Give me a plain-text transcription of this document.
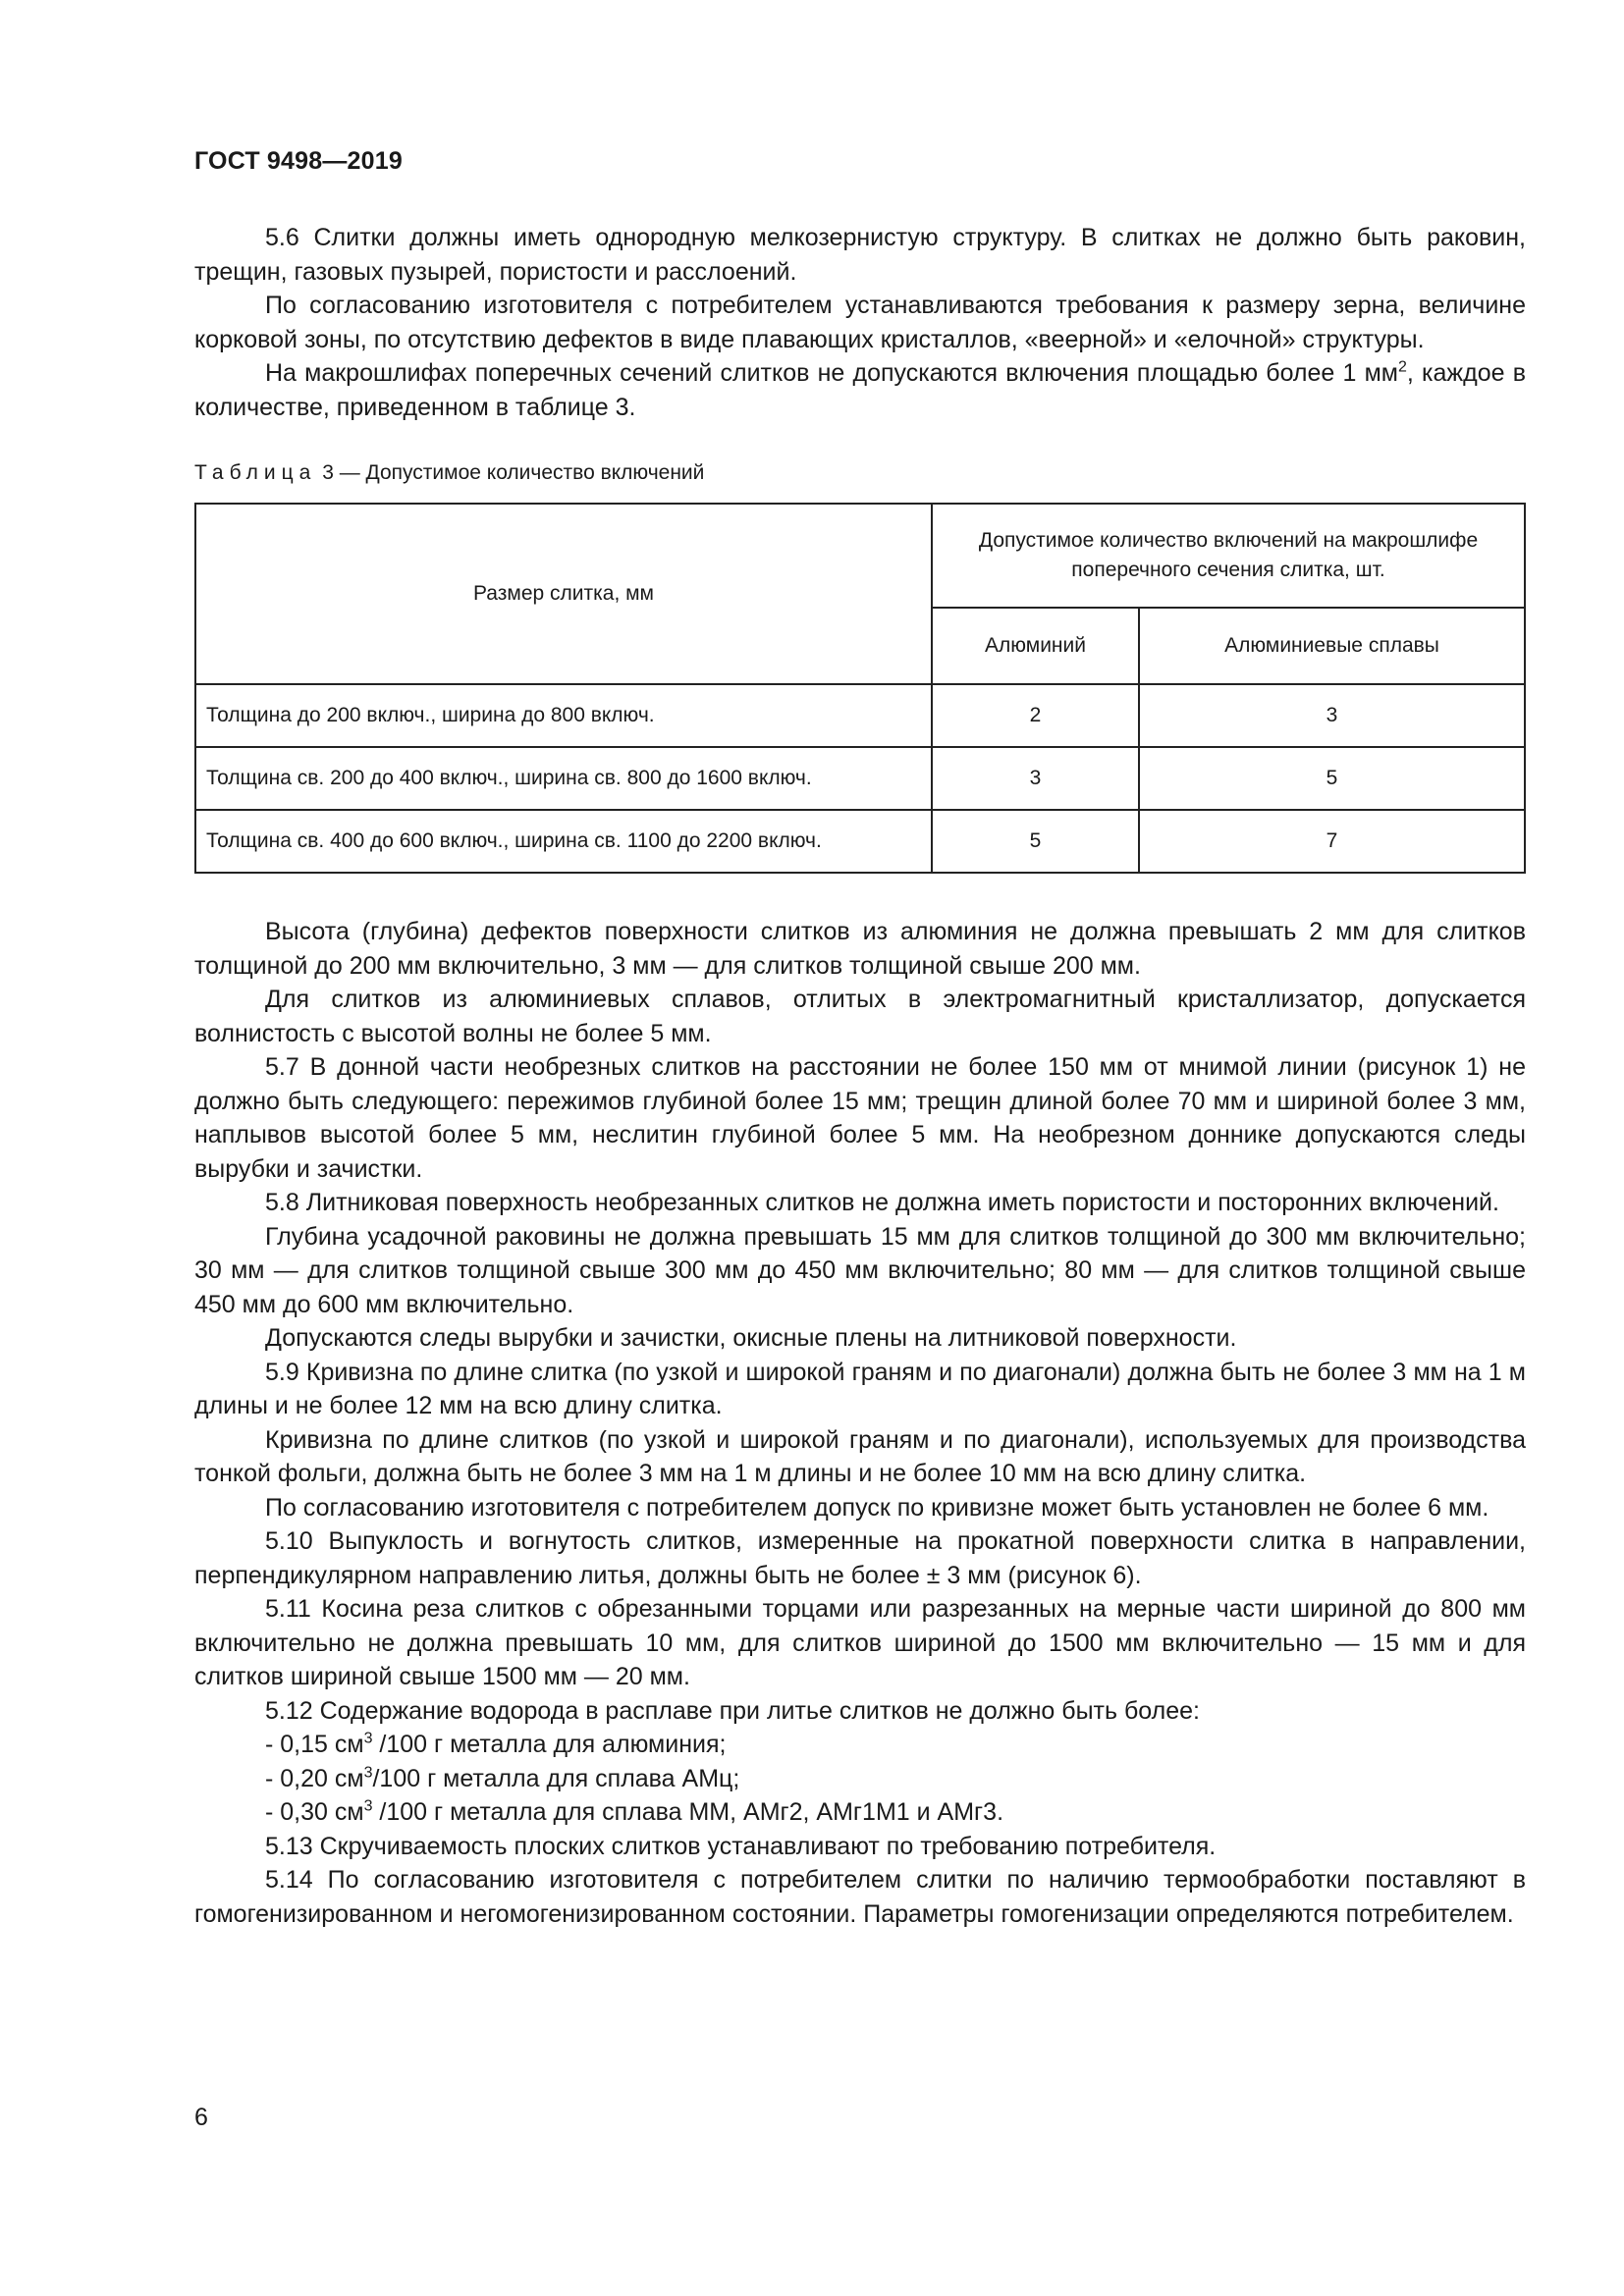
ГОСТ 9498—2019

5.6 Слитки должны иметь однородную мелкозернистую структуру. В слитках не должно быть раковин, трещин, газовых пузырей, пористости и расслоений.

По согласованию изготовителя с потребителем устанавливаются требования к размеру зерна, величине корковой зоны, по отсутствию дефектов в виде плавающих кристаллов, «веерной» и «елочной» структуры.

На макрошлифах поперечных сечений слитков не допускаются включения площадью более 1 $мм^2$, каждое в количестве, приведенном в таблице 3.

Таблица 3 — Допустимое количество включений
Размер слитка, мм	Допустимое количество включений на макрошлифе поперечного сечения слитка, шт.	
	Алюминий	Алюминиевые сплавы
Толщина до 200 включ., ширина до 800 включ.	2	3
Толщина св. 200 до 400 включ., ширина св. 800 до 1600 включ.	3	5
Толщина св. 400 до 600 включ., ширина св. 1100 до 2200 включ.	5	7

Высота (глубина) дефектов поверхности слитков из алюминия не должна превышать 2 мм для слитков толщиной до 200 мм включительно, 3 мм — для слитков толщиной свыше 200 мм.

Для слитков из алюминиевых сплавов, отлитых в электромагнитный кристаллизатор, допускается волнистость с высотой волны не более 5 мм.

5.7 В донной части необрезных слитков на расстоянии не более 150 мм от мнимой линии (рисунок 1) не должно быть следующего: пережимов глубиной более 15 мм; трещин длиной более 70 мм и шириной более 3 мм, наплывов высотой более 5 мм, неслитин глубиной более 5 мм. На необрезном доннике допускаются следы вырубки и зачистки.

5.8 Литниковая поверхность необрезанных слитков не должна иметь пористости и посторонних включений.

Глубина усадочной раковины не должна превышать 15 мм для слитков толщиной до 300 мм включительно; 30 мм — для слитков толщиной свыше 300 мм до 450 мм включительно; 80 мм — для слитков толщиной свыше 450 мм до 600 мм включительно.

Допускаются следы вырубки и зачистки, окисные плены на литниковой поверхности.

5.9 Кривизна по длине слитка (по узкой и широкой граням и по диагонали) должна быть не более 3 мм на 1 м длины и не более 12 мм на всю длину слитка.

Кривизна по длине слитков (по узкой и широкой граням и по диагонали), используемых для производства тонкой фольги, должна быть не более 3 мм на 1 м длины и не более 10 мм на всю длину слитка.

По согласованию изготовителя с потребителем допуск по кривизне может быть установлен не более 6 мм.

5.10 Выпуклость и вогнутость слитков, измеренные на прокатной поверхности слитка в направлении, перпендикулярном направлению литья, должны быть не более ± 3 мм (рисунок 6).

5.11 Косина реза слитков с обрезанными торцами или разрезанных на мерные части шириной до 800 мм включительно не должна превышать 10 мм, для слитков шириной до 1500 мм включительно — 15 мм и для слитков шириной свыше 1500 мм — 20 мм.

5.12 Содержание водорода в расплаве при литье слитков не должно быть более:

- 0,15 $см^3$ /100 г металла для алюминия;

- 0,20 $см^3/100$ г металла для сплава АМц;

- 0,30 $см^3$ /100 г металла для сплава ММ, АМг2, АМг1М1 и АМг3.

5.13 Скручиваемость плоских слитков устанавливают по требованию потребителя.

5.14 По согласованию изготовителя с потребителем слитки по наличию термообработки поставляют в гомогенизированном и негомогенизированном состоянии. Параметры гомогенизации определяются потребителем.

6
